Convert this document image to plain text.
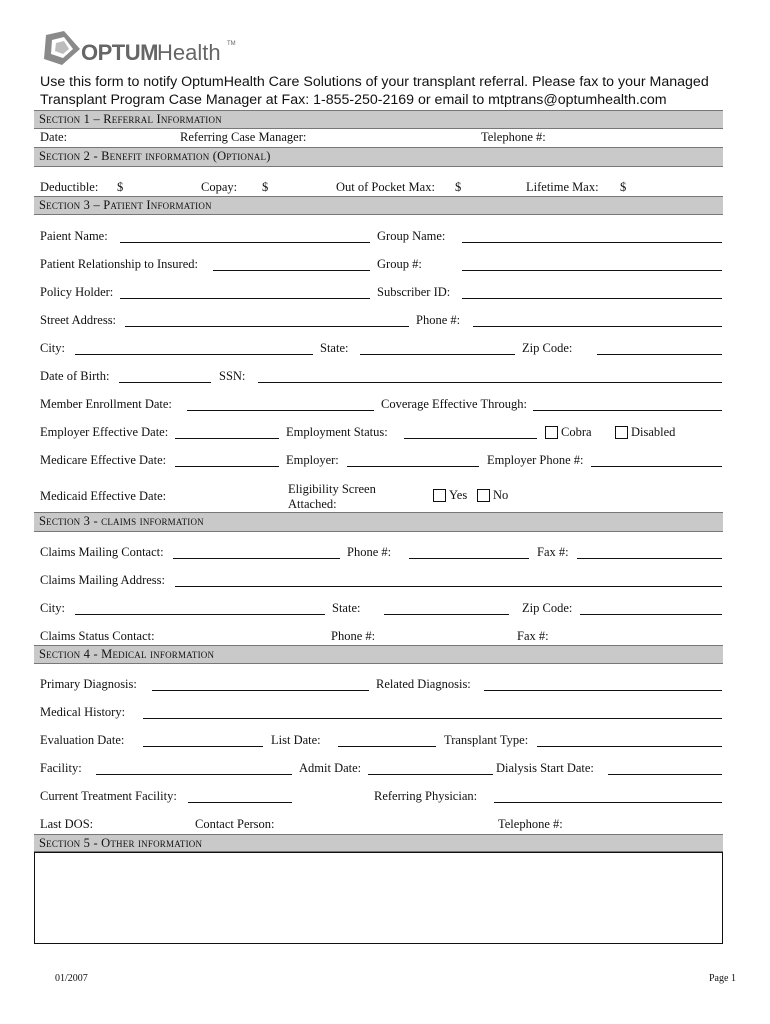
OPTUM Health TM
Use this form to notify OptumHealth Care Solutions of your transplant referral. Please fax to your Managed
Transplant Program Case Manager at Fax: 1-855-250-2169 or email to mtptrans@optumhealth.com
Section 1 – Referral Information
Date:	Referring Case Manager:	Telephone #:
Section 2 - Benefit information (Optional)
Deductible: $	Copay: $	Out of Pocket Max: $	Lifetime Max: $
Section 3 – Patient Information
Paient Name:	Group Name:
Patient Relationship to Insured:	Group #:
Policy Holder:	Subscriber ID:
Street Address:	Phone #:
City:	State:	Zip Code:
Date of Birth:	SSN:
Member Enrollment Date:	Coverage Effective Through:
Employer Effective Date:	Employment Status:	Cobra	Disabled
Medicare Effective Date:	Employer:	Employer Phone #:
Medicaid Effective Date:	Eligibility Screen
Attached:
Yes No
Section 3 - claims information
Claims Mailing Contact:	Phone #:	Fax #:
Claims Mailing Address:
City:	State:	Zip Code:
Claims Status Contact:	Phone #:	Fax #:
Section 4 - Medical information
Primary Diagnosis:	Related Diagnosis:
Medical History:
Evaluation Date:	List Date:	Transplant Type:
Facility:	Admit Date:	Dialysis Start Date:
Current Treatment Facility:	Referring Physician:
Last DOS:	Contact Person:	Telephone #:
Section 5 - Other information
01/2007	Page 1
